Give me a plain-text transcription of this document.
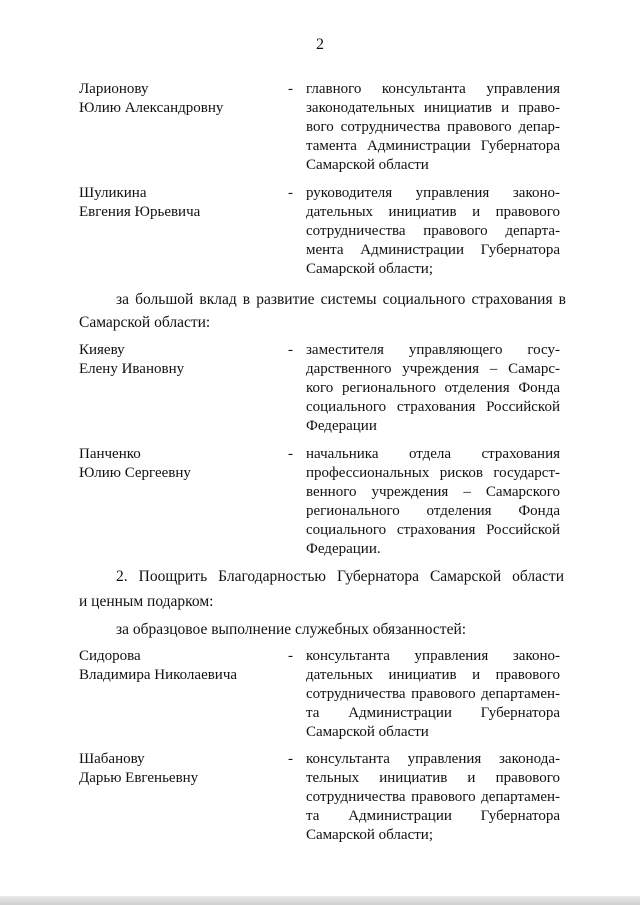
2
Ларионову
Юлию Александровну
- главного консультанта управления
законодательных инициатив и право-
вого сотрудничества правового депар-
тамента Администрации Губернатора
Самарской области
Шуликина
Евгения Юрьевича
- руководителя управления законо-
дательных инициатив и правового
сотрудничества правового департа-
мента Администрации Губернатора
Самарской области;
за большой вклад в развитие системы социального страхования в
Самарской области:
Кияеву
Елену Ивановну
- заместителя управляющего госу-
дарственного учреждения – Самарс-
кого регионального отделения Фонда
социального страхования Российской
Федерации
Панченко
Юлию Сергеевну
- начальника отдела страхования
профессиональных рисков государст-
венного учреждения – Самарского
регионального отделения Фонда
социального страхования Российской
Федерации.
2. Поощрить Благодарностью Губернатора Самарской области
и ценным подарком:
за образцовое выполнение служебных обязанностей:
Сидорова
Владимира Николаевича
- консультанта управления законо-
дательных инициатив и правового
сотрудничества правового департамен-
та Администрации Губернатора
Самарской области
Шабанову
Дарью Евгеньевну
- консультанта управления законода-
тельных инициатив и правового
сотрудничества правового департамен-
та Администрации Губернатора
Самарской области;
